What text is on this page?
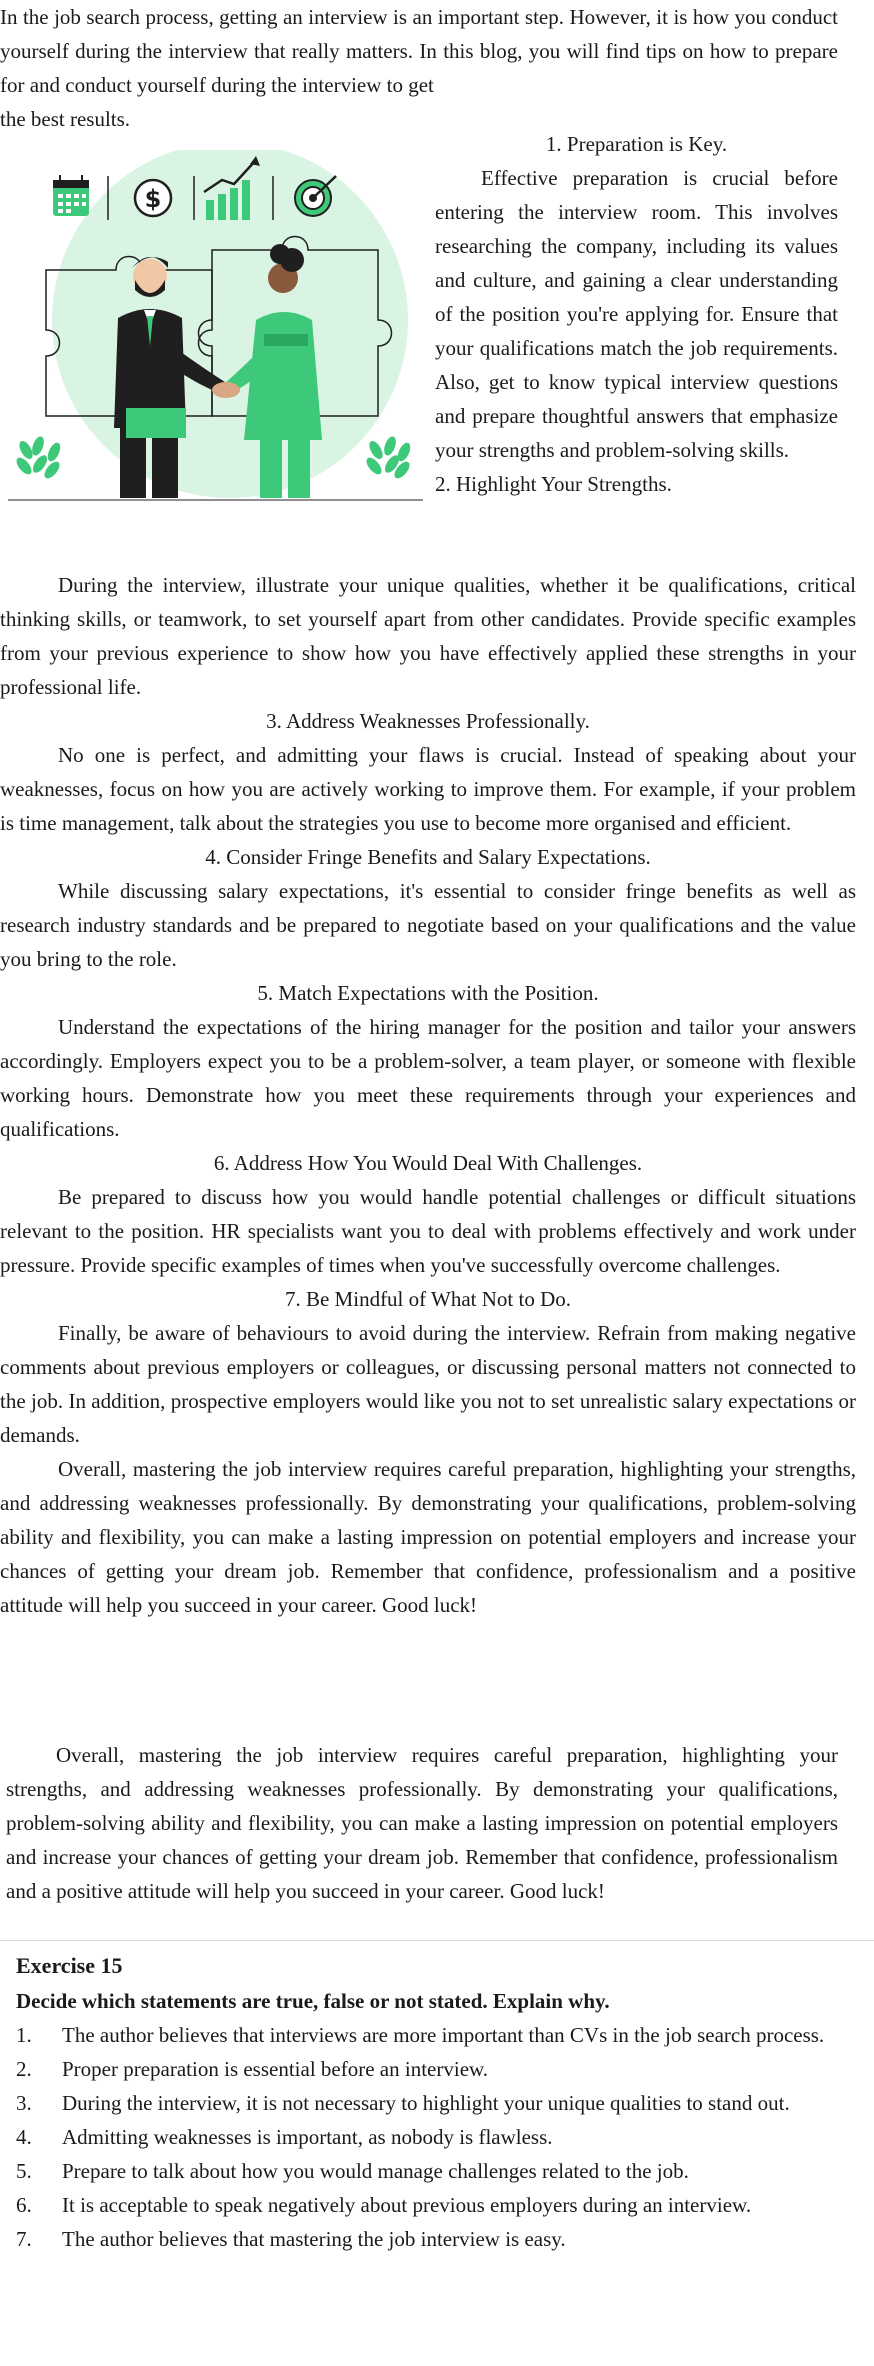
In the job search process, getting an interview is an important step. However, it is how you conduct yourself during the interview that really matters. In this blog, you will find tips on how to prepare for and conduct yourself during the interview to get

the best results.

$

1. Preparation is Key.

Effective preparation is crucial before entering the interview room. This involves researching the company, including its values and culture, and gaining a clear understanding of the position you're applying for. Ensure that your qualifications match the job requirements. Also, get to know typical interview questions and prepare thoughtful answers that emphasize your strengths and problem-solving skills.

2. Highlight Your Strengths.

During the interview, illustrate your unique qualities, whether it be qualifications, critical thinking skills, or teamwork, to set yourself apart from other candidates. Provide specific examples from your previous experience to show how you have effectively applied these strengths in your professional life.

3. Address Weaknesses Professionally.

No one is perfect, and admitting your flaws is crucial. Instead of speaking about your weaknesses, focus on how you are actively working to improve them. For example, if your problem is time management, talk about the strategies you use to become more organised and efficient.

4. Consider Fringe Benefits and Salary Expectations.

While discussing salary expectations, it's essential to consider fringe benefits as well as research industry standards and be prepared to negotiate based on your qualifications and the value you bring to the role.

5. Match Expectations with the Position.

Understand the expectations of the hiring manager for the position and tailor your answers accordingly. Employers expect you to be a problem-solver, a team player, or someone with flexible working hours. Demonstrate how you meet these requirements through your experiences and qualifications.

6. Address How You Would Deal With Challenges.

Be prepared to discuss how you would handle potential challenges or difficult situations relevant to the position. HR specialists want you to deal with problems effectively and work under pressure. Provide specific examples of times when you've successfully overcome challenges.

7. Be Mindful of What Not to Do.

Finally, be aware of behaviours to avoid during the interview. Refrain from making negative comments about previous employers or colleagues, or discussing personal matters not connected to the job. In addition, prospective employers would like you not to set unrealistic salary expectations or demands.

Overall, mastering the job interview requires careful preparation, highlighting your strengths, and addressing weaknesses professionally. By demonstrating your qualifications, problem-solving ability and flexibility, you can make a lasting impression on potential employers and increase your chances of getting your dream job. Remember that confidence, professionalism and a positive attitude will help you succeed in your career. Good luck!

Overall, mastering the job interview requires careful preparation, highlighting your strengths, and addressing weaknesses professionally. By demonstrating your qualifications, problem-solving ability and flexibility, you can make a lasting impression on potential employers and increase your chances of getting your dream job. Remember that confidence, professionalism and a positive attitude will help you succeed in your career. Good luck!

Exercise 15

Decide which statements are true, false or not stated. Explain why.

1. The author believes that interviews are more important than CVs in the job search process.
2. Proper preparation is essential before an interview.
3. During the interview, it is not necessary to highlight your unique qualities to stand out.
4. Admitting weaknesses is important, as nobody is flawless.
5. Prepare to talk about how you would manage challenges related to the job.
6. It is acceptable to speak negatively about previous employers during an interview.
7. The author believes that mastering the job interview is easy.
